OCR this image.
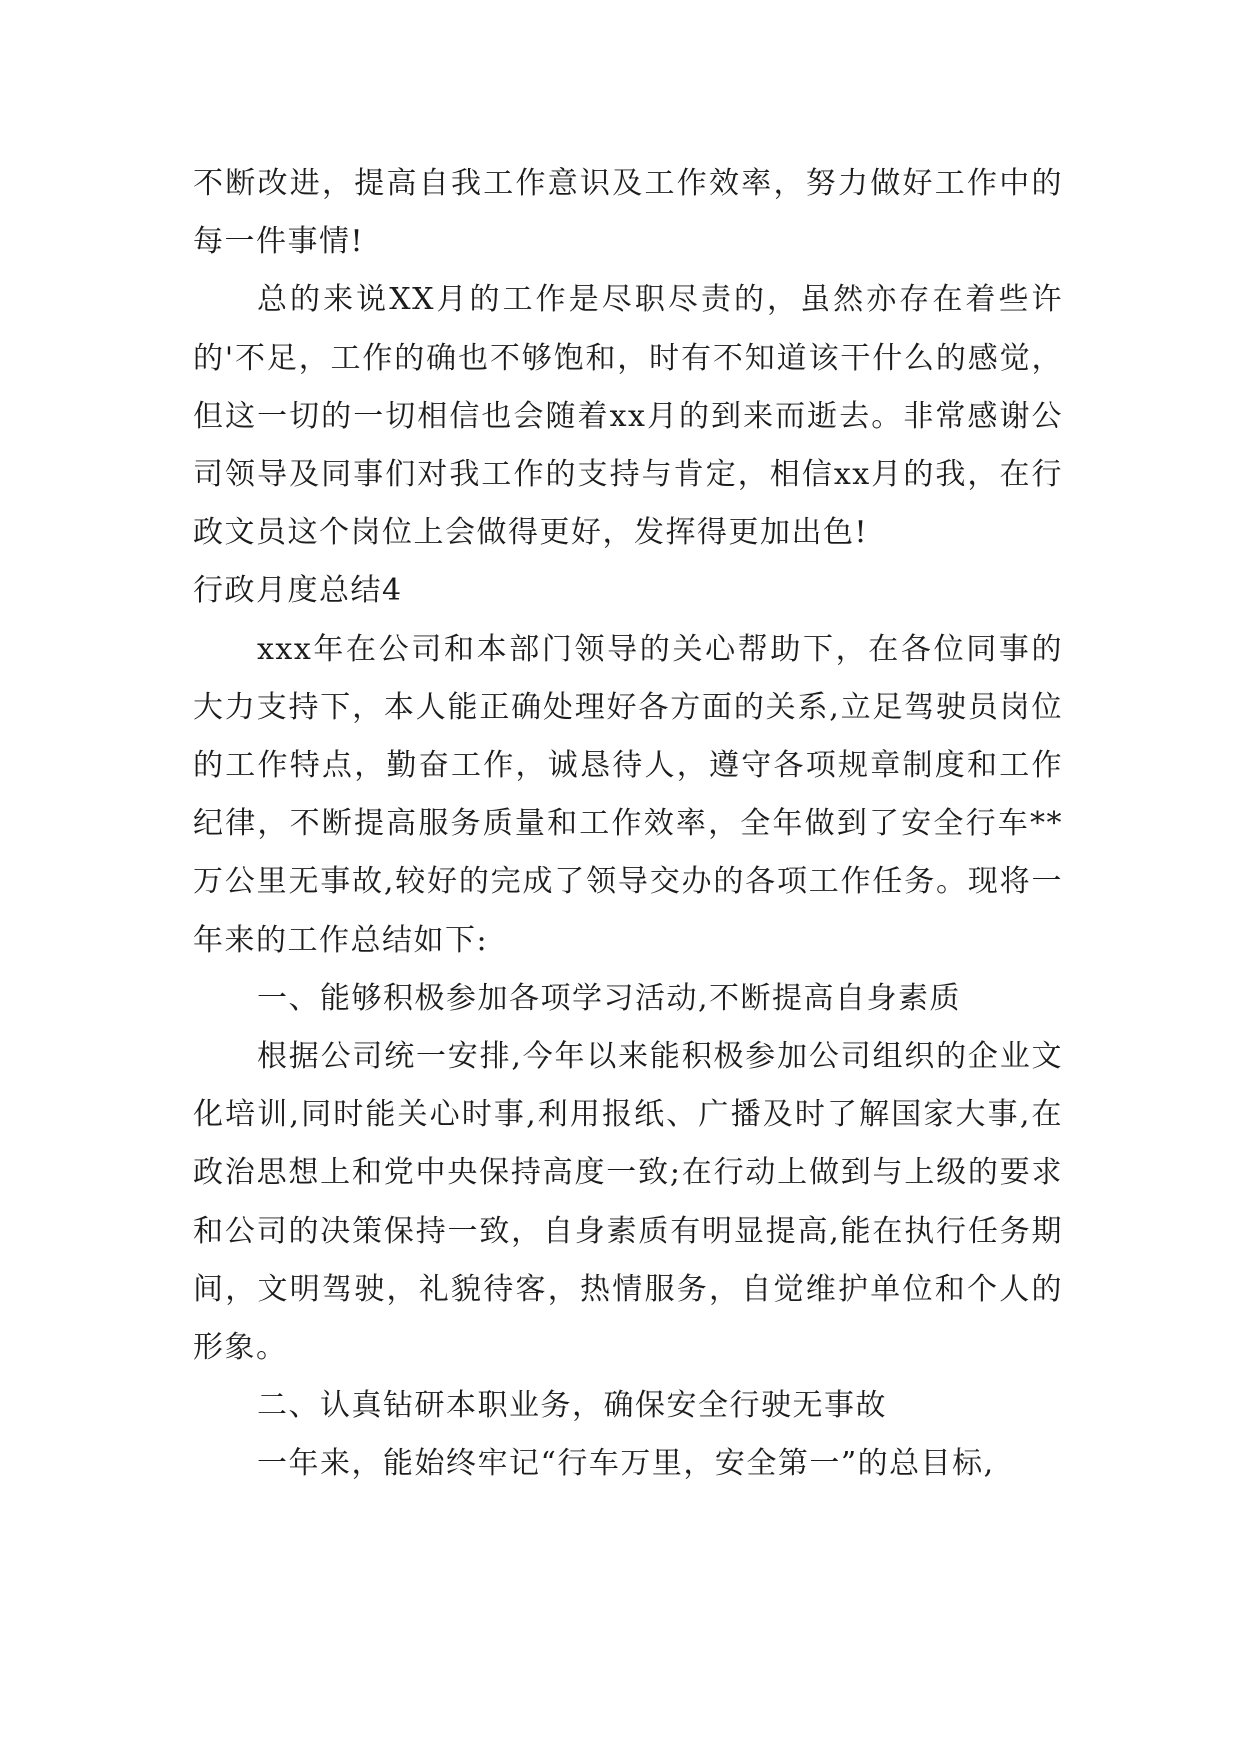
不断改进，提高自我工作意识及工作效率，努力做好工作中的每一件事情!

总的来说XX月的工作是尽职尽责的，虽然亦存在着些许的'不足，工作的确也不够饱和，时有不知道该干什么的感觉，但这一切的一切相信也会随着xx月的到来而逝去。非常感谢公司领导及同事们对我工作的支持与肯定，相信xx月的我，在行政文员这个岗位上会做得更好，发挥得更加出色!

行政月度总结4

xxx年在公司和本部门领导的关心帮助下，在各位同事的大力支持下，本人能正确处理好各方面的关系,立足驾驶员岗位的工作特点，勤奋工作，诚恳待人，遵守各项规章制度和工作纪律，不断提高服务质量和工作效率，全年做到了安全行车**万公里无事故,较好的完成了领导交办的各项工作任务。现将一年来的工作总结如下:

一、能够积极参加各项学习活动,不断提高自身素质

根据公司统一安排,今年以来能积极参加公司组织的企业文化培训,同时能关心时事,利用报纸、广播及时了解国家大事,在政治思想上和党中央保持高度一致;在行动上做到与上级的要求和公司的决策保持一致，自身素质有明显提高,能在执行任务期间，文明驾驶，礼貌待客，热情服务，自觉维护单位和个人的形象。

二、认真钻研本职业务，确保安全行驶无事故

一年来，能始终牢记“行车万里，安全第一”的总目标,
